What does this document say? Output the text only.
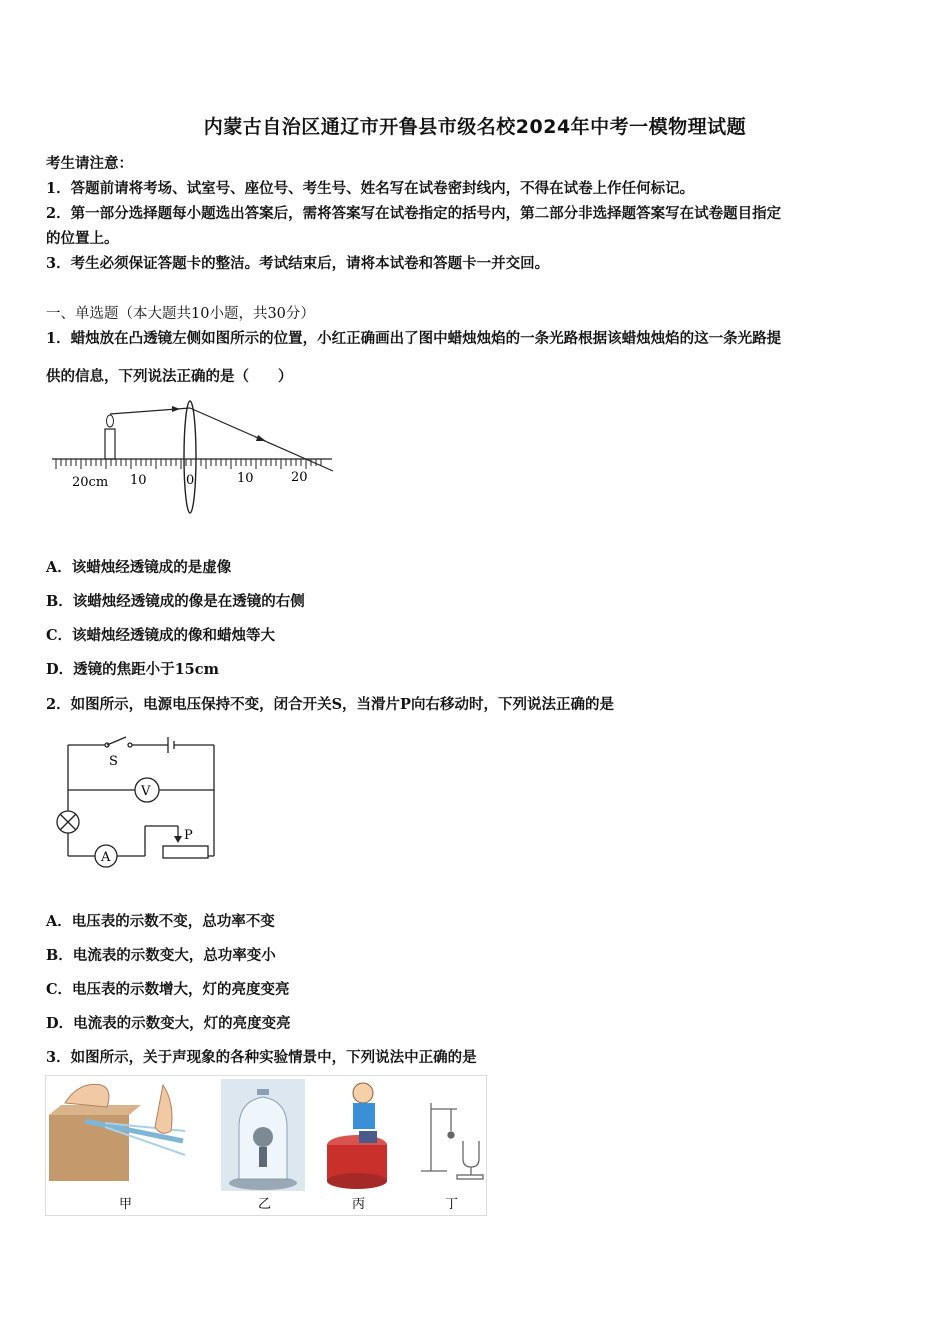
内蒙古自治区通辽市开鲁县市级名校2024年中考一模物理试题
考生请注意：
1．答题前请将考场、试室号、座位号、考生号、姓名写在试卷密封线内，不得在试卷上作任何标记。
2．第一部分选择题每小题选出答案后，需将答案写在试卷指定的括号内，第二部分非选择题答案写在试卷题目指定
的位置上。
3．考生必须保证答题卡的整洁。考试结束后，请将本试卷和答题卡一并交回。
一、单选题（本大题共10小题，共30分）
1．蜡烛放在凸透镜左侧如图所示的位置，小红正确画出了图中蜡烛烛焰的一条光路根据该蜡烛烛焰的这一条光路提
供的信息，下列说法正确的是（　　）
20cm 10	0	10	20
A．该蜡烛经透镜成的是虚像
B．该蜡烛经透镜成的像是在透镜的右侧
C．该蜡烛经透镜成的像和蜡烛等大
D．透镜的焦距小于15cm
2．如图所示，电源电压保持不变，闭合开关S，当滑片P向右移动时，下列说法正确的是
S
V
A
P
A．电压表的示数不变，总功率不变
B．电流表的示数变大，总功率变小
C．电压表的示数增大，灯的亮度变亮
D．电流表的示数变大，灯的亮度变亮
3．如图所示，关于声现象的各种实验情景中，下列说法中正确的是
甲	乙	丙	丁
